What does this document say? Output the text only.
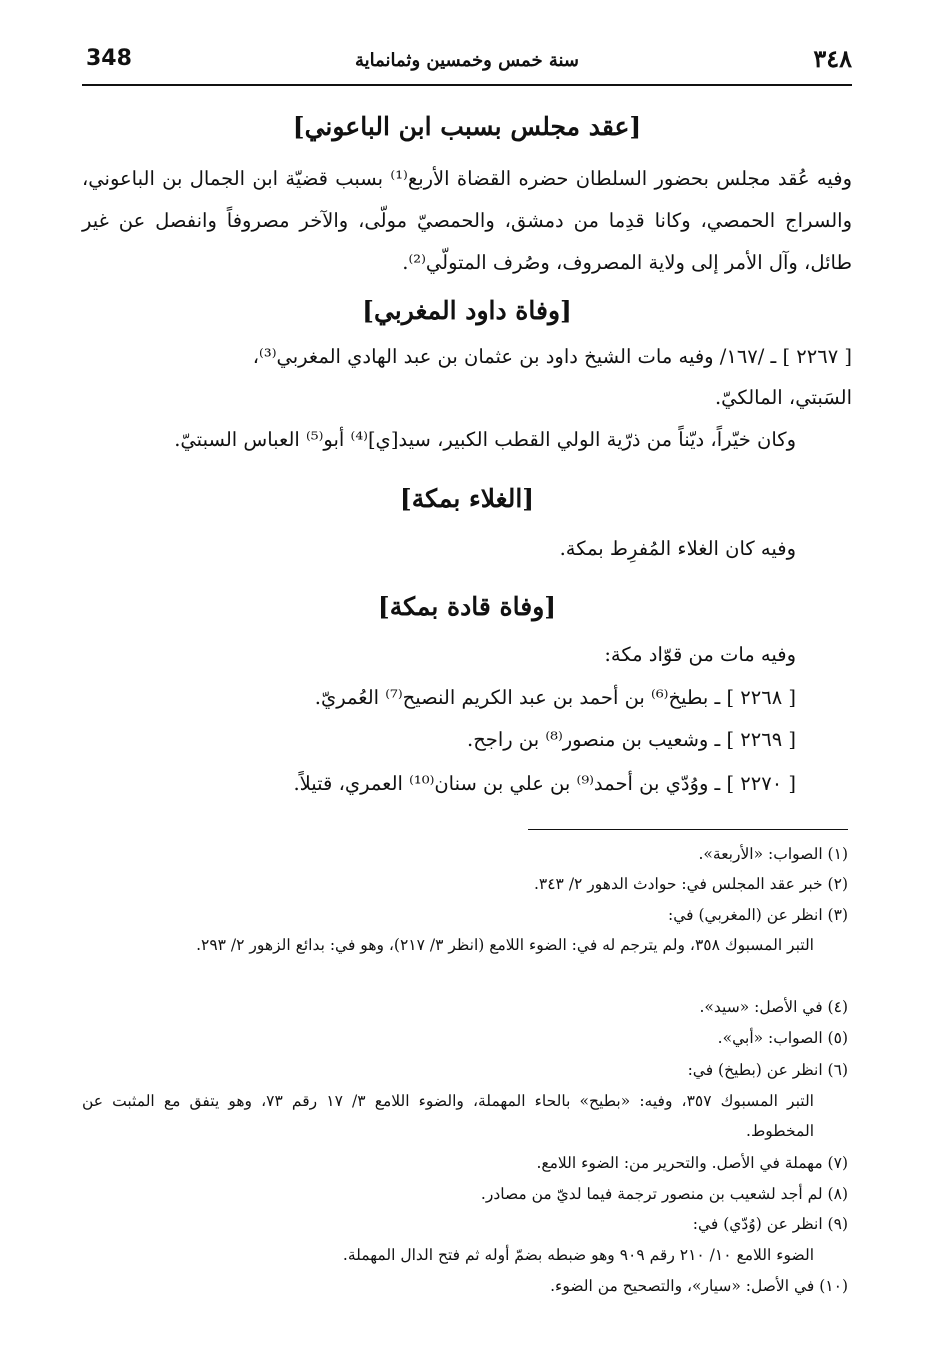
348	سنة خمس وخمسين وثمانماية	٣٤٨
[عقد مجلس بسبب ابن الباعوني]
وفيه عُقد مجلس بحضور السلطان حضره القضاة الأربع⁽¹⁾ بسبب قضيّة ابن الجمال بن الباعوني، والسراج الحمصي، وكانا قدِما من دمشق، والحمصيّ مولّى، والآخر مصروفاً وانفصل عن غير طائل، وآل الأمر إلى ولاية المصروف، وصُرف المتولّي⁽²⁾.
[وفاة داود المغربي]
[ ٢٢٦٧ ] ـ /١٦٧/ وفيه مات الشيخ داود بن عثمان بن عبد الهادي المغربي⁽³⁾،
السَبتي، المالكيّ.
وكان خيّراً، ديّناً من ذرّية الولي القطب الكبير، سيد[ي]⁽⁴⁾ أبو⁽⁵⁾ العباس السبتيّ.
[الغلاء بمكة]
وفيه كان الغلاء المُفرِط بمكة.
[وفاة قادة بمكة]
وفيه مات من قوّاد مكة:
[ ٢٢٦٨ ] ـ بطيخ⁽⁶⁾ بن أحمد بن عبد الكريم النصيح⁽⁷⁾ العُمريّ.
[ ٢٢٦٩ ] ـ وشعيب بن منصور⁽⁸⁾ بن راجح.
[ ٢٢٧٠ ] ـ ووُدّي بن أحمد⁽⁹⁾ بن علي بن سنان⁽¹⁰⁾ العمري، قتيلاً.
(١) الصواب: «الأربعة».
(٢) خبر عقد المجلس في: حوادث الدهور ٢/ ٣٤٣.
(٣) انظر عن (المغربي) في:
التبر المسبوك ٣٥٨، ولم يترجم له في: الضوء اللامع (انظر ٣/ ٢١٧)، وهو في: بدائع الزهور ٢/ ٢٩٣.
(٤) في الأصل: «سيد».
(٥) الصواب: «أبي».
(٦) انظر عن (بطيخ) في:
التبر المسبوك ٣٥٧، وفيه: «بطيح» بالحاء المهملة، والضوء اللامع ٣/ ١٧ رقم ٧٣، وهو يتفق مع المثبت عن المخطوط.
(٧) مهملة في الأصل. والتحرير من: الضوء اللامع.
(٨) لم أجد لشعيب بن منصور ترجمة فيما لديّ من مصادر.
(٩) انظر عن (وُدّي) في:
الضوء اللامع ١٠/ ٢١٠ رقم ٩٠٩ وهو ضبطه بضمّ أوله ثم فتح الدال المهملة.
(١٠) في الأصل: «سيار»، والتصحيح من الضوء.
